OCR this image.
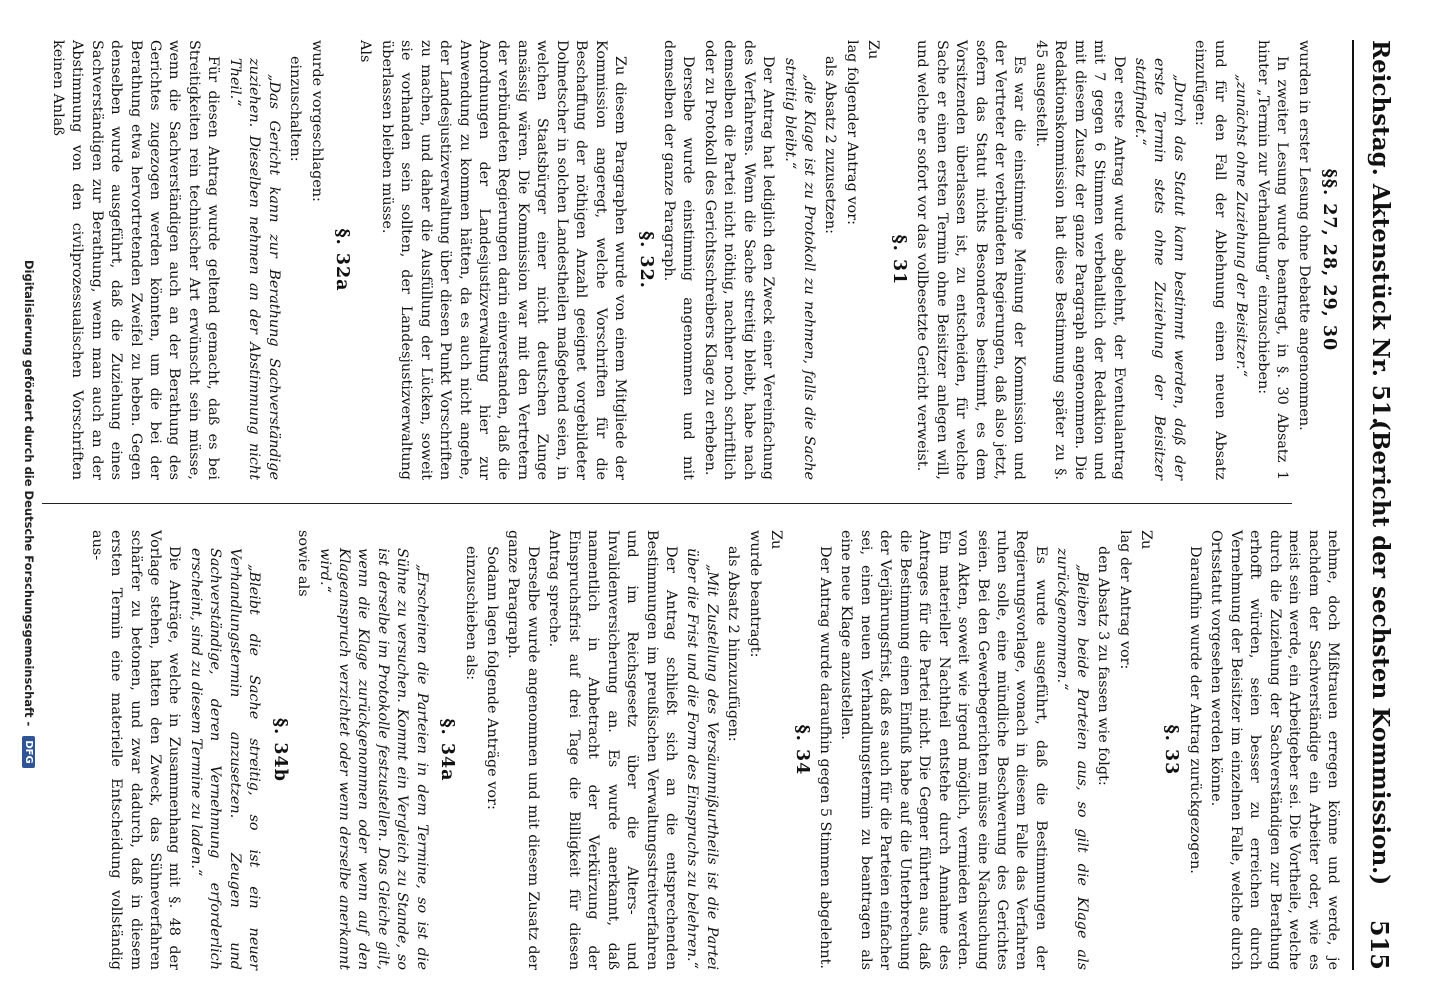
Reichstag. Aktenstück Nr. 51.
(Bericht der sechsten Kommission.)
515
§§. 27, 28, 29, 30
wurden in erster Lesung ohne Debatte angenommen.
In zweiter Lesung wurde beantragt, in §. 30 Absatz 1 hinter „Termin zur Verhandlung“ einzuschieben:
„zunächst ohne Zuziehung der Beisitzer.“
und für den Fall der Ablehnung einen neuen Absatz einzufügen:
„Durch das Statut kann bestimmt werden, daß der erste Termin stets ohne Zuziehung der Beisitzer stattfindet.“
Der erste Antrag wurde abgelehnt, der Eventualantrag mit 7 gegen 6 Stimmen verbehaltlich der Redaktion und mit diesem Zusatz der ganze Paragraph angenommen. Die Redaktionskommission hat diese Bestimmung später zu §. 45 ausgestellt.
Es war die einstimmige Meinung der Kommission und der Vertreter der verbündeten Regierungen, daß also jetzt, sofern das Statut nichts Besonderes bestimmt, es dem Vorsitzenden überlassen ist, zu entscheiden, für welche Sache er einen ersten Termin ohne Beisitzer anlegen will, und welche er sofort vor das vollbesetzte Gericht verweist.
§. 31
Zu
lag folgender Antrag vor:
als Absatz 2 zuzusetzen:
„die Klage ist zu Protokoll zu nehmen, falls die Sache streitig bleibt.“
Der Antrag hat lediglich den Zweck einer Vereinfachung des Verfahrens. Wenn die Sache streitig bleibt, habe nach demselben die Partei nicht nöthig, nachher noch schriftlich oder zu Protokoll des Gerichtsschreibers Klage zu erheben.
Derselbe wurde einstimmig angenommen und mit demselben der ganze Paragraph.
§. 32.
Zu diesem Paragraphen wurde von einem Mitgliede der Kommission angeregt, welche Vorschriften für die Beschaffung der nöthigen Anzahl geeignet vorgebildeter Dolmetscher in solchen Landestheilen maßgebend seien, in welchen Staatsbürger einer nicht deutschen Zunge ansässig wären. Die Kommission war mit den Vertretern der verbündeten Regierungen darin einverstanden, daß die Anordnungen der Landesjustizverwaltung hier zur Anwendung zu kommen hätten, da es auch nicht angehe, der Landesjustizverwaltung über diesen Punkt Vorschriften zu machen, und daher die Ausfüllung der Lücken, soweit sie vorhanden sein sollten, der Landesjustizverwaltung überlassen bleiben müsse.
Als
§. 32a
wurde vorgeschlagen:
einzuschalten:
„Das Gericht kann zur Berathung Sachverständige zuziehen. Dieselben nehmen an der Abstimmung nicht Theil.“
Für diesen Antrag wurde geltend gemacht, daß es bei Streitigkeiten rein technischer Art erwünscht sein müsse, wenn die Sachverständigen auch an der Berathung des Gerichtes zugezogen werden könnten, um die bei der Berathung etwa hervortretenden Zweifel zu heben. Gegen denselben wurde ausgeführt, daß die Zuziehung eines Sachverständigen zur Berathung, wenn man auch an der Abstimmung von den civilprozessualischen Vorschriften keinen Anlaß
nehme, doch Mißtrauen erregen könne und werde, je nachdem der Sachverständige ein Arbeiter oder, wie es meist sein werde, ein Arbeitgeber sei. Die Vortheile, welche durch die Zuziehung der Sachverständigen zur Berathung erhofft würden, seien besser zu erreichen durch Vernehmung der Beisitzer im einzelnen Falle, welche durch Ortsstatut vorgesehen werden könne.
Daraufhin wurde der Antrag zurückgezogen.
§. 33
Zu
lag der Antrag vor:
den Absatz 3 zu fassen wie folgt:
„Bleiben beide Parteien aus, so gilt die Klage als zurückgenommen.“
Es wurde ausgeführt, daß die Bestimmungen der Regierungsvorlage, wonach in diesem Falle das Verfahren ruhen solle, eine mündliche Beschwerung des Gerichtes seien. Bei den Gewerbegerichten müsse eine Nachsuchung von Akten, soweit wie irgend möglich, vermieden werden. Ein materieller Nachtheil entstehe durch Annahme des Antrages für die Partei nicht. Die Gegner führten aus, daß die Bestimmung einen Einfluß habe auf die Unterbrechung der Verjährungsfrist, daß es auch für die Parteien einfacher sei, einen neuen Verhandlungstermin zu beantragen als eine neue Klage anzustellen.
Der Antrag wurde daraufhin gegen 5 Stimmen abgelehnt.
§. 34
Zu
wurde beantragt:
als Absatz 2 hinzuzufügen:
„Mit Zustellung des Versäumnißurtheils ist die Partei über die Frist und die Form des Einspruchs zu belehren.“
Der Antrag schließt sich an die entsprechenden Bestimmungen im preußischen Verwaltungsstreitverfahren und im Reichsgesetz über die Alters- und Invalidenversicherung an. Es wurde anerkannt, daß namentlich in Anbetracht der Verkürzung der Einspruchsfrist auf drei Tage die Billigkeit für diesen Antrag spreche.
Derselbe wurde angenommen und mit diesem Zusatz der ganze Paragraph.
Sodann lagen folgende Anträge vor:
einzuschieben als:
§. 34a
„Erscheinen die Parteien in dem Termine, so ist die Sühne zu versuchen. Kommt ein Vergleich zu Stande, so ist derselbe im Protokolle festzustellen. Das Gleiche gilt, wenn die Klage zurückgenommen oder wenn auf den Klageanspruch verzichtet oder wenn derselbe anerkannt wird.“
sowie als
§. 34b
„Bleibt die Sache streitig, so ist ein neuer Verhandlungstermin anzusetzen. Zeugen und Sachverständige, deren Vernehmung erforderlich erscheint, sind zu diesem Termine zu laden.“
Die Anträge, welche in Zusammenhang mit §. 48 der Vorlage stehen, hatten den Zweck, das Sühneverfahren schärfer zu betonen, und zwar dadurch, daß in diesem ersten Termin eine materielle Entscheidung vollständig aus-
Digitalisierung gefördert durch die Deutsche Forschungsgemeinschaft - DFG
